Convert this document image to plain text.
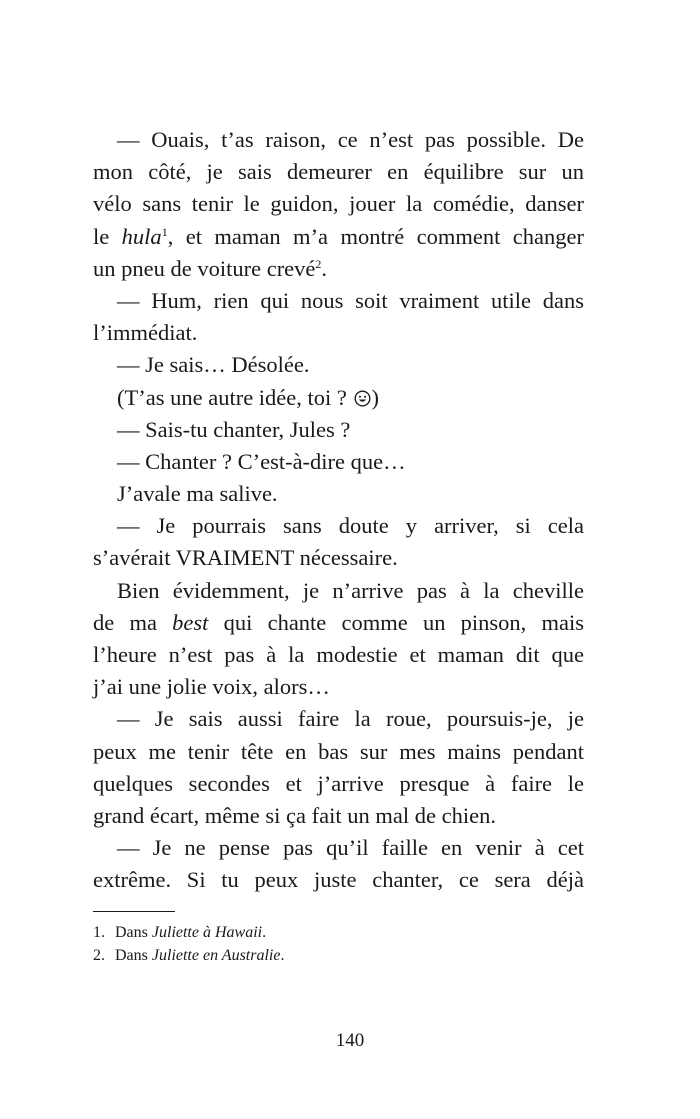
— Ouais, t’as raison, ce n’est pas possible. De
mon côté, je sais demeurer en équilibre sur un
vélo sans tenir le guidon, jouer la comédie, danser
le hula$^1$, et maman m’a montré comment changer
un pneu de voiture crevé$^2$.
— Hum, rien qui nous soit vraiment utile dans
l’immédiat.
— Je sais… Désolée.
(T’as une autre idée, toi ? )
— Sais-tu chanter, Jules ?
— Chanter ? C’est-à-dire que…
J’avale ma salive.
— Je pourrais sans doute y arriver, si cela
s’avérait VRAIMENT nécessaire.
Bien évidemment, je n’arrive pas à la cheville
de ma best qui chante comme un pinson, mais
l’heure n’est pas à la modestie et maman dit que
j’ai une jolie voix, alors…
— Je sais aussi faire la roue, poursuis-je, je
peux me tenir tête en bas sur mes mains pendant
quelques secondes et j’arrive presque à faire le
grand écart, même si ça fait un mal de chien.
— Je ne pense pas qu’il faille en venir à cet
extrême. Si tu peux juste chanter, ce sera déjà
1. Dans Juliette à Hawaii.
2. Dans Juliette en Australie.
140
